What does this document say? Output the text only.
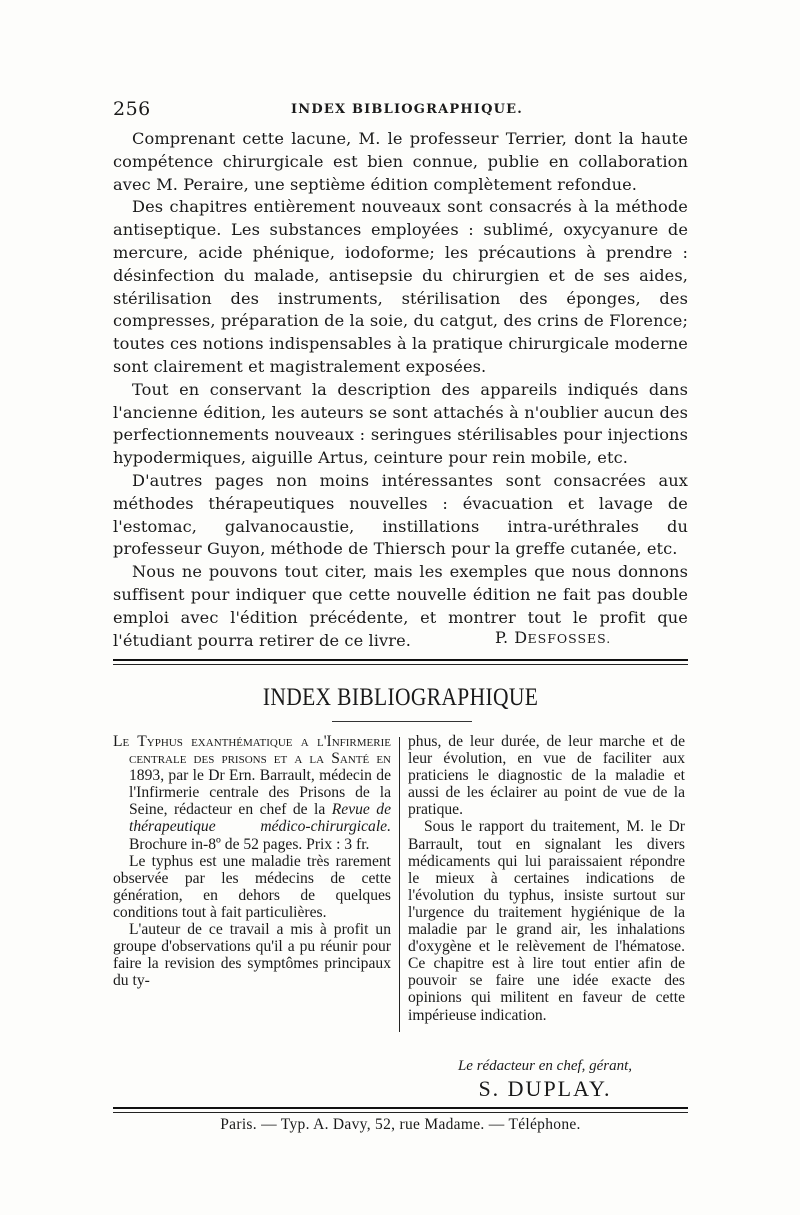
256	INDEX BIBLIOGRAPHIQUE.

Comprenant cette lacune, M. le professeur Terrier, dont la haute compétence chirurgicale est bien connue, publie en collaboration avec M. Peraire, une septième édition complètement refondue.

Des chapitres entièrement nouveaux sont consacrés à la méthode antiseptique. Les substances employées : sublimé, oxycyanure de mercure, acide phénique, iodoforme; les précautions à prendre : désinfection du malade, antisepsie du chirurgien et de ses aides, stérilisation des instruments, stérilisation des éponges, des compresses, préparation de la soie, du catgut, des crins de Florence; toutes ces notions indispensables à la pratique chirurgicale moderne sont clairement et magistralement exposées.

Tout en conservant la description des appareils indiqués dans l'ancienne édition, les auteurs se sont attachés à n'oublier aucun des perfectionnements nouveaux : seringues stérilisables pour injections hypodermiques, aiguille Artus, ceinture pour rein mobile, etc.

D'autres pages non moins intéressantes sont consacrées aux méthodes thérapeutiques nouvelles : évacuation et lavage de l'estomac, galvanocaustie, instillations intra-uréthrales du professeur Guyon, méthode de Thiersch pour la greffe cutanée, etc.

Nous ne pouvons tout citer, mais les exemples que nous donnons suffisent pour indiquer que cette nouvelle édition ne fait pas double emploi avec l'édition précédente, et montrer tout le profit que l'étudiant pourra retirer de ce livre.	P. DESFOSSES.
INDEX BIBLIOGRAPHIQUE

Le Typhus exanthématique a l'Infirmerie centrale des prisons et a la Santé en 1893, par le Dr Ern. Barrault, médecin de l'Infirmerie centrale des Prisons de la Seine, rédacteur en chef de la Revue de thérapeutique médico-chirurgicale. Brochure in-8º de 52 pages. Prix : 3 fr.

Le typhus est une maladie très rarement observée par les médecins de cette génération, en dehors de quelques conditions tout à fait particulières.

L'auteur de ce travail a mis à profit un groupe d'observations qu'il a pu réunir pour faire la revision des symptômes principaux du ty-

phus, de leur durée, de leur marche et de leur évolution, en vue de faciliter aux praticiens le diagnostic de la maladie et aussi de les éclairer au point de vue de la pratique.

Sous le rapport du traitement, M. le Dr Barrault, tout en signalant les divers médicaments qui lui paraissaient répondre le mieux à certaines indications de l'évolution du typhus, insiste surtout sur l'urgence du traitement hygiénique de la maladie par le grand air, les inhalations d'oxygène et le relèvement de l'hématose. Ce chapitre est à lire tout entier afin de pouvoir se faire une idée exacte des opinions qui militent en faveur de cette impérieuse indication.

Le rédacteur en chef, gérant,
S. DUPLAY.
Paris. — Typ. A. Davy, 52, rue Madame. — Téléphone.
